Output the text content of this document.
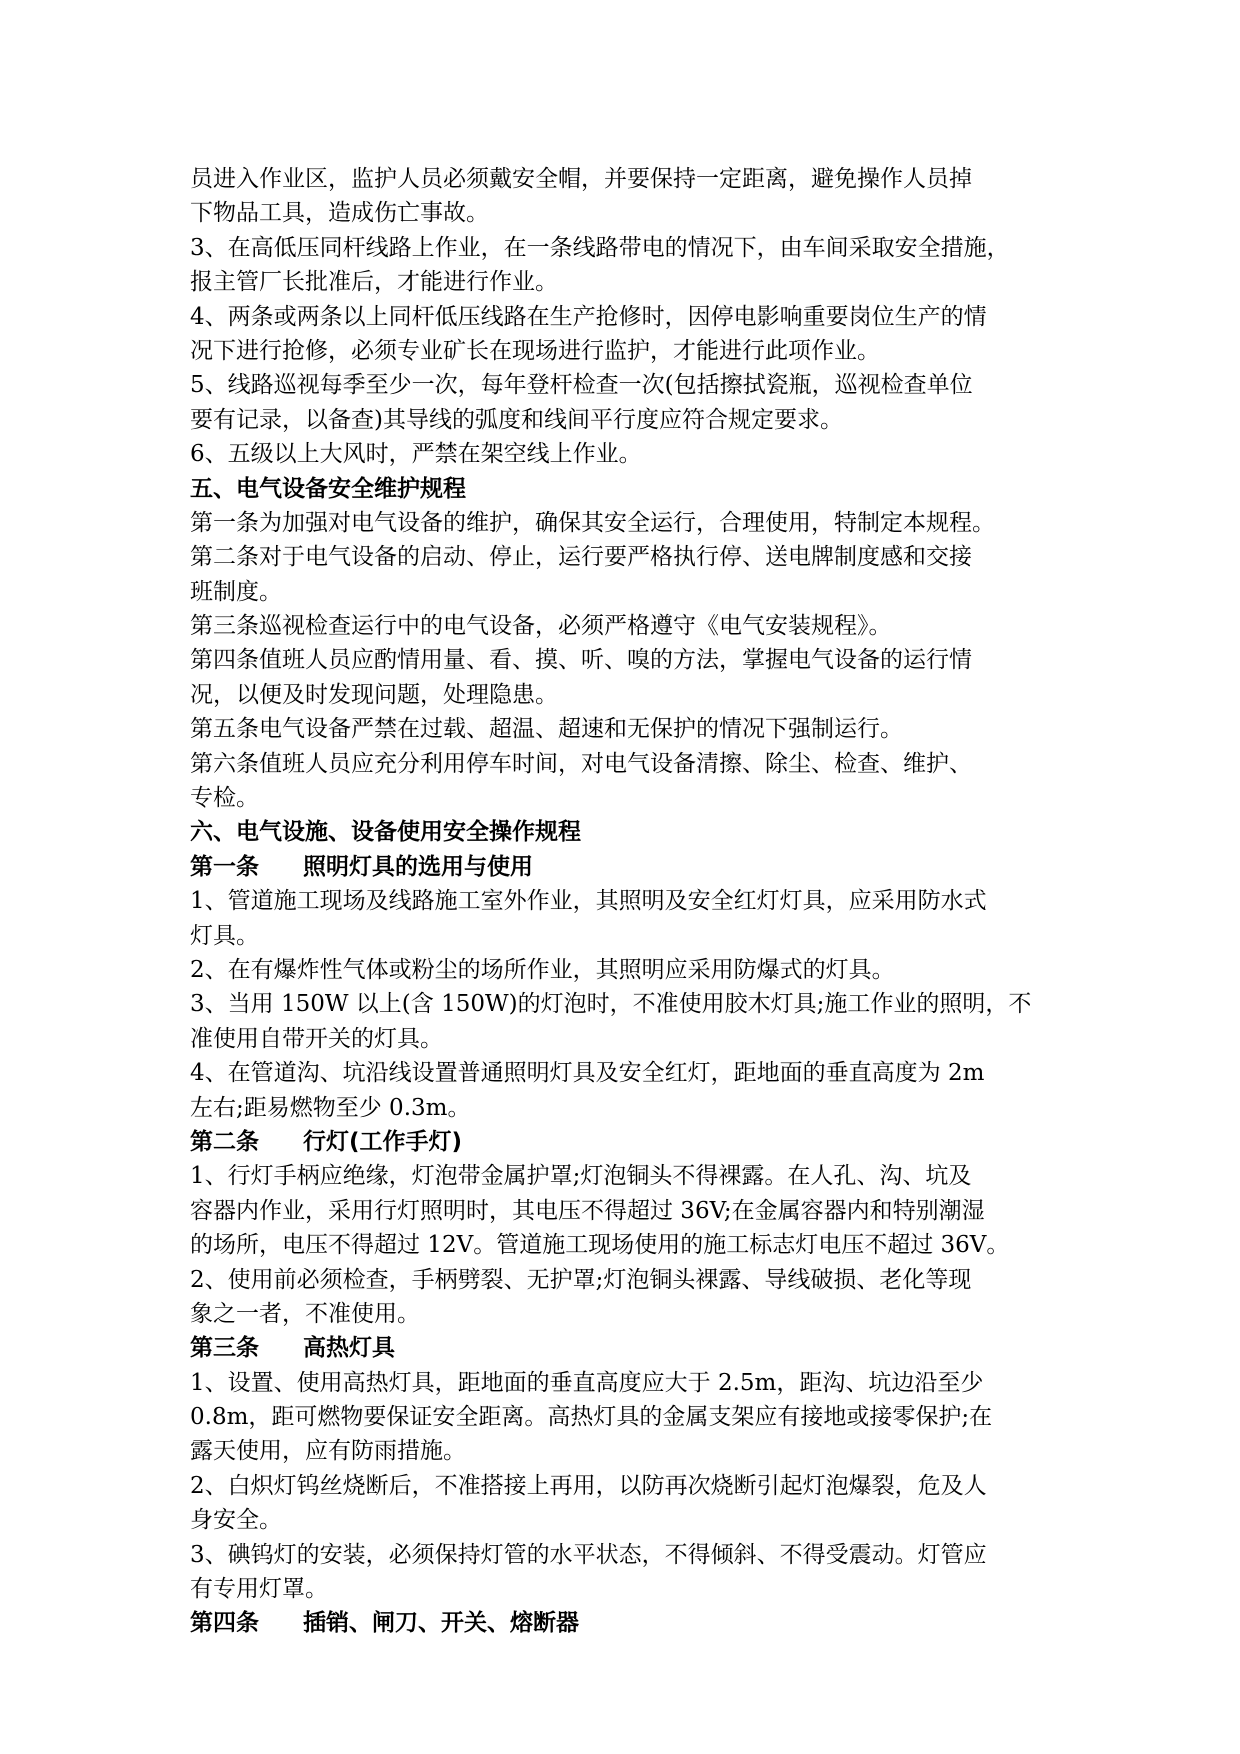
员进入作业区，监护人员必须戴安全帽，并要保持一定距离，避免操作人员掉
下物品工具，造成伤亡事故。
3、在高低压同杆线路上作业，在一条线路带电的情况下，由车间采取安全措施，
报主管厂长批准后，才能进行作业。
4、两条或两条以上同杆低压线路在生产抢修时，因停电影响重要岗位生产的情
况下进行抢修，必须专业矿长在现场进行监护，才能进行此项作业。
5、线路巡视每季至少一次，每年登杆检查一次(包括擦拭瓷瓶，巡视检查单位
要有记录，以备查)其导线的弧度和线间平行度应符合规定要求。
6、五级以上大风时，严禁在架空线上作业。
五、电气设备安全维护规程
第一条为加强对电气设备的维护，确保其安全运行，合理使用，特制定本规程。
第二条对于电气设备的启动、停止，运行要严格执行停、送电牌制度感和交接
班制度。
第三条巡视检查运行中的电气设备，必须严格遵守《电气安装规程》。
第四条值班人员应酌情用量、看、摸、听、嗅的方法，掌握电气设备的运行情
况，以便及时发现问题，处理隐患。
第五条电气设备严禁在过载、超温、超速和无保护的情况下强制运行。
第六条值班人员应充分利用停车时间，对电气设备清擦、除尘、检查、维护、
专检。
六、电气设施、设备使用安全操作规程
第一条 照明灯具的选用与使用
1、管道施工现场及线路施工室外作业，其照明及安全红灯灯具，应采用防水式
灯具。
2、在有爆炸性气体或粉尘的场所作业，其照明应采用防爆式的灯具。
3、当用 150W 以上(含 150W)的灯泡时，不准使用胶木灯具;施工作业的照明，不
准使用自带开关的灯具。
4、在管道沟、坑沿线设置普通照明灯具及安全红灯，距地面的垂直高度为 2m
左右;距易燃物至少 0.3m。
第二条 行灯(工作手灯)
1、行灯手柄应绝缘，灯泡带金属护罩;灯泡铜头不得裸露。在人孔、沟、坑及
容器内作业，采用行灯照明时，其电压不得超过 36V;在金属容器内和特别潮湿
的场所，电压不得超过 12V。管道施工现场使用的施工标志灯电压不超过 36V。
2、使用前必须检查，手柄劈裂、无护罩;灯泡铜头裸露、导线破损、老化等现
象之一者，不准使用。
第三条 高热灯具
1、设置、使用高热灯具，距地面的垂直高度应大于 2.5m，距沟、坑边沿至少
0.8m，距可燃物要保证安全距离。高热灯具的金属支架应有接地或接零保护;在
露天使用，应有防雨措施。
2、白炽灯钨丝烧断后，不准搭接上再用，以防再次烧断引起灯泡爆裂，危及人
身安全。
3、碘钨灯的安装，必须保持灯管的水平状态，不得倾斜、不得受震动。灯管应
有专用灯罩。
第四条 插销、闸刀、开关、熔断器
